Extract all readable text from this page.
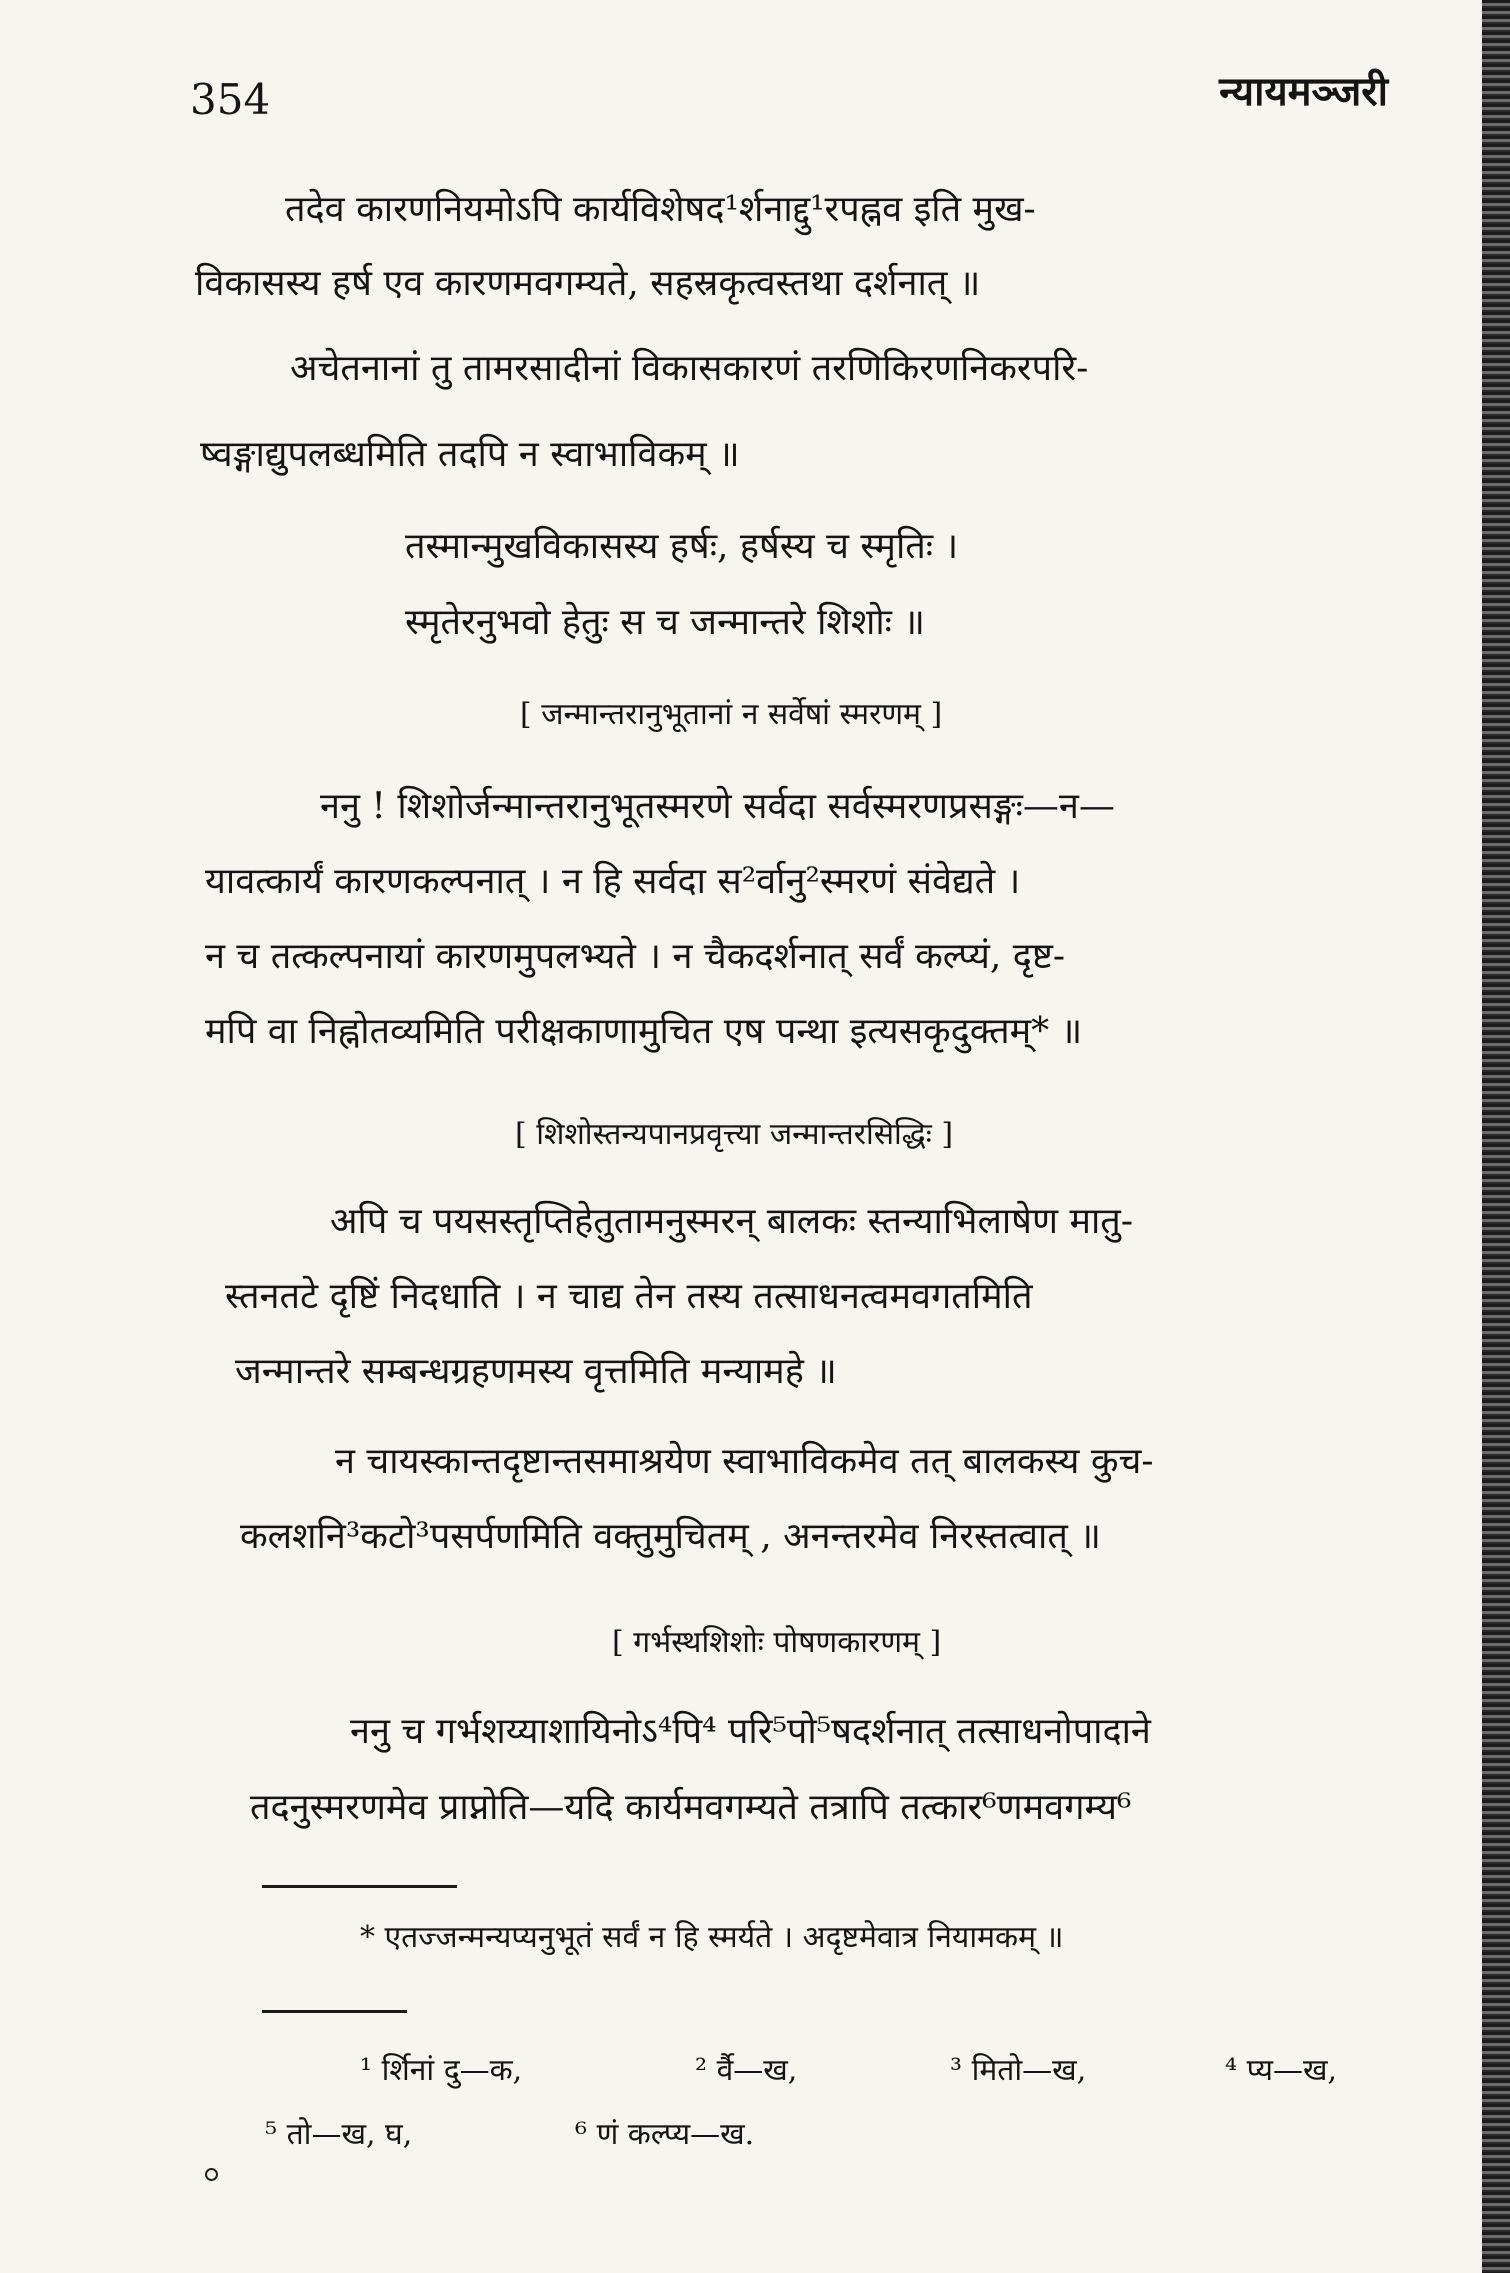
354	न्यायमञ्जरी
तदेव कारणनियमोऽपि कार्यविशेषद¹र्शनाद्दु¹रपह्नव इति मुख-
विकासस्य हर्ष एव कारणमवगम्यते, सहस्रकृत्वस्तथा दर्शनात् ॥
अचेतनानां तु तामरसादीनां विकासकारणं तरणिकिरणनिकरपरि-
ष्वङ्गाद्युपलब्धमिति तदपि न स्वाभाविकम् ॥
तस्मान्मुखविकासस्य हर्षः, हर्षस्य च स्मृतिः ।
स्मृतेरनुभवो हेतुः स च जन्मान्तरे शिशोः ॥
[ जन्मान्तरानुभूतानां न सर्वेषां स्मरणम् ]
ननु ! शिशोर्जन्मान्तरानुभूतस्मरणे सर्वदा सर्वस्मरणप्रसङ्गः—न—
यावत्कार्यं कारणकल्पनात् । न हि सर्वदा स²र्वानु²स्मरणं संवेद्यते ।
न च तत्कल्पनायां कारणमुपलभ्यते । न चैकदर्शनात् सर्वं कल्प्यं, दृष्ट-
मपि वा निह्नोतव्यमिति परीक्षकाणामुचित एष पन्था इत्यसकृदुक्तम्* ॥
[ शिशोस्तन्यपानप्रवृत्त्या जन्मान्तरसिद्धिः ]
अपि च पयसस्तृप्तिहेतुतामनुस्मरन् बालकः स्तन्याभिलाषेण मातु-
स्तनतटे दृष्टिं निदधाति । न चाद्य तेन तस्य तत्साधनत्वमवगतमिति
जन्मान्तरे सम्बन्धग्रहणमस्य वृत्तमिति मन्यामहे ॥
न चायस्कान्तदृष्टान्तसमाश्रयेण स्वाभाविकमेव तत् बालकस्य कुच-
कलशनि³कटो³पसर्पणमिति वक्तुमुचितम् , अनन्तरमेव निरस्तत्वात् ॥
[ गर्भस्थशिशोः पोषणकारणम् ]
ननु च गर्भशय्याशायिनोऽ⁴पि⁴ परि⁵पो⁵षदर्शनात् तत्साधनोपादाने
तदनुस्मरणमेव प्राप्नोति—यदि कार्यमवगम्यते तत्रापि तत्कार⁶णमवगम्य⁶
* एतज्जन्मन्यप्यनुभूतं सर्वं न हि स्मर्यते । अदृष्टमेवात्र नियामकम् ॥
¹ र्शिनां दु—क,	² र्वै—ख,	³ मितो—ख,	⁴ प्य—ख,
⁵ तो—ख, घ,	⁶ णं कल्प्य—ख.
